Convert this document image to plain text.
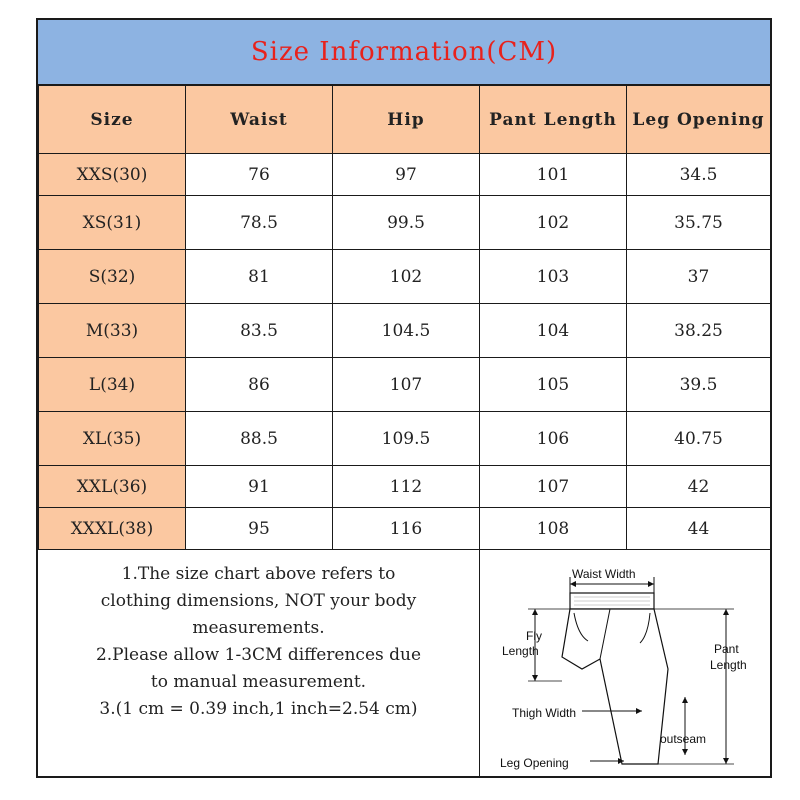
Size Information(CM)
Size	Waist	Hip	Pant Length	Leg Opening
XXS(30)	76	97	101	34.5
XS(31)	78.5	99.5	102	35.75
S(32)	81	102	103	37
M(33)	83.5	104.5	104	38.25
L(34)	86	107	105	39.5
XL(35)	88.5	109.5	106	40.75
XXL(36)	91	112	107	42
XXXL(38)	95	116	108	44

1.The size chart above refers to

clothing dimensions, NOT your body

measurements.

2.Please allow 1-3CM differences due

to manual measurement.

3.(1 cm = 0.39 inch,1 inch=2.54 cm)

Waist Width
Fly
Length	Pant
Length
outseam
Thigh Width
Leg Opening
